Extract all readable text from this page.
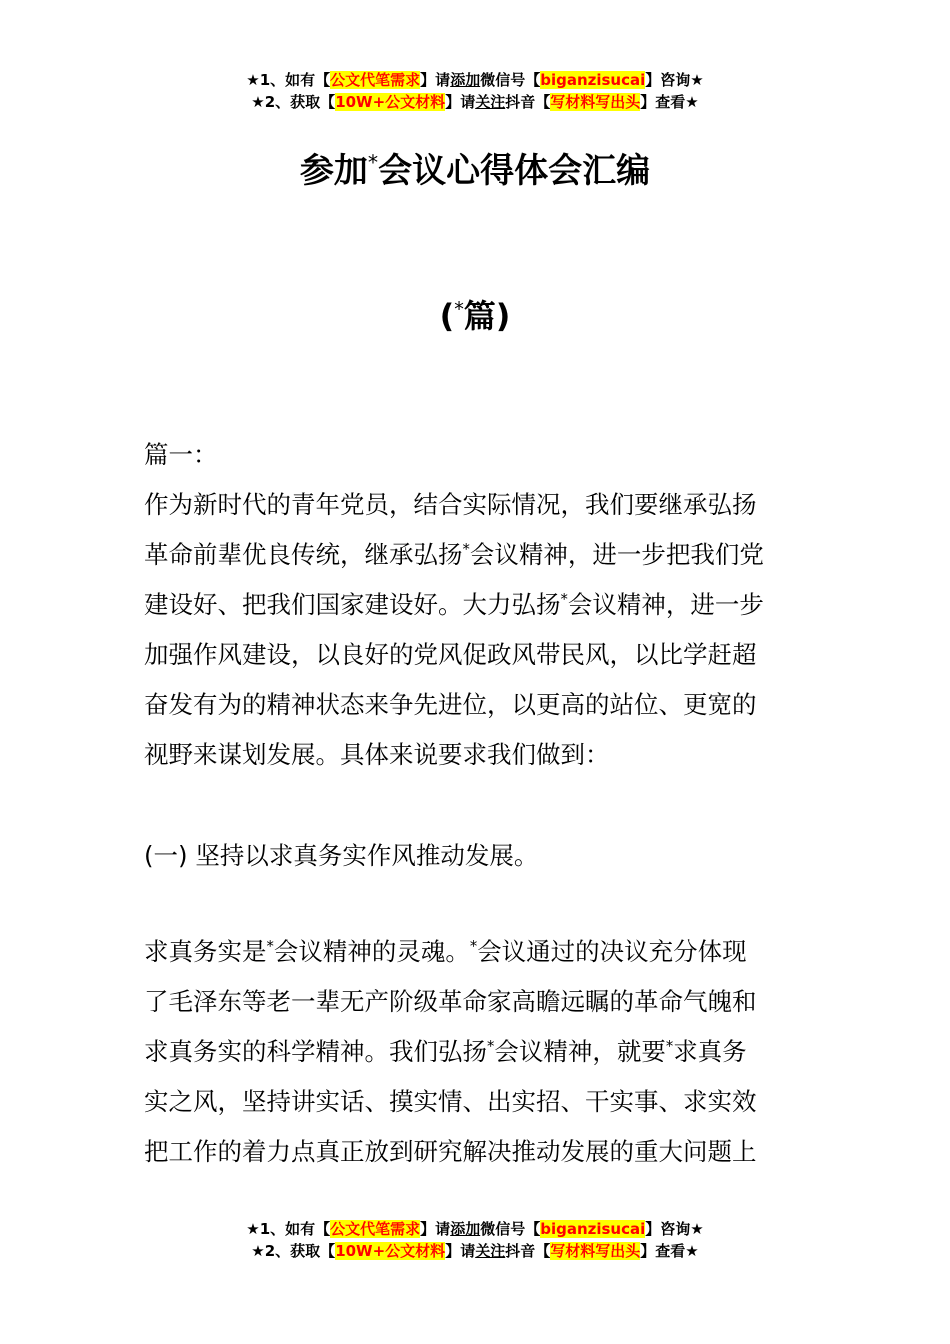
★1、如有【公文代笔需求】请添加微信号【biganzisucai】咨询★
★2、获取【10W+公文材料】请关注抖音【写材料写出头】查看★
参加*会议心得体会汇编
(*篇)
篇一：
作为新时代的青年党员，结合实际情况，我们要继承弘扬
革命前辈优良传统，继承弘扬*会议精神，进一步把我们党
建设好、把我们国家建设好。大力弘扬*会议精神，进一步
加强作风建设，以良好的党风促政风带民风，以比学赶超
奋发有为的精神状态来争先进位，以更高的站位、更宽的
视野来谋划发展。具体来说要求我们做到：
(一) 坚持以求真务实作风推动发展。
求真务实是*会议精神的灵魂。*会议通过的决议充分体现
了毛泽东等老一辈无产阶级革命家高瞻远瞩的革命气魄和
求真务实的科学精神。我们弘扬*会议精神，就要*求真务
实之风，坚持讲实话、摸实情、出实招、干实事、求实效
把工作的着力点真正放到研究解决推动发展的重大问题上
★1、如有【公文代笔需求】请添加微信号【biganzisucai】咨询★
★2、获取【10W+公文材料】请关注抖音【写材料写出头】查看★
